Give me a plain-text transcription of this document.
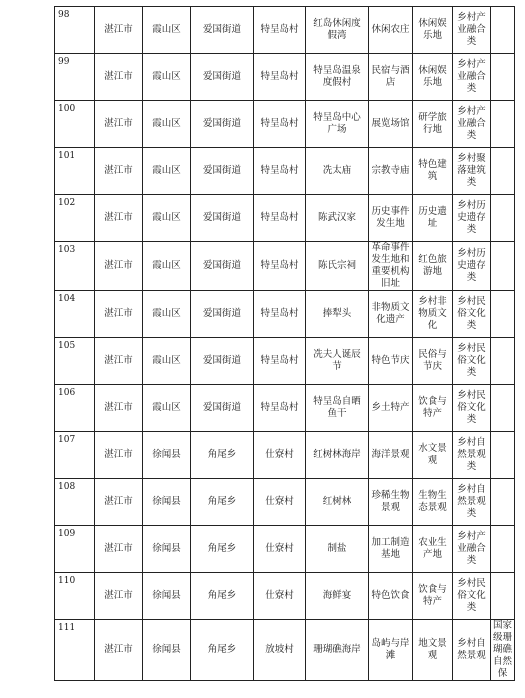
98	湛江市	霞山区	爱国街道	特呈岛村	红岛休闲度假湾	休闲农庄	休闲娱乐地	乡村产业融合类	
99	湛江市	霞山区	爱国街道	特呈岛村	特呈岛温泉度假村	民宿与酒店	休闲娱乐地	乡村产业融合类	
100	湛江市	霞山区	爱国街道	特呈岛村	特呈岛中心广场	展览场馆	研学旅行地	乡村产业融合类	
101	湛江市	霞山区	爱国街道	特呈岛村	冼太庙	宗教寺庙	特色建筑	乡村聚落建筑类	
102	湛江市	霞山区	爱国街道	特呈岛村	陈武汉家	历史事件发生地	历史遗址	乡村历史遗存类	
103	湛江市	霞山区	爱国街道	特呈岛村	陈氏宗祠	革命事件发生地和重要机构旧址	红色旅游地	乡村历史遗存类	
104	湛江市	霞山区	爱国街道	特呈岛村	捧犁头	非物质文化遗产	乡村非物质文化	乡村民俗文化类	
105	湛江市	霞山区	爱国街道	特呈岛村	冼夫人诞辰节	特色节庆	民俗与节庆	乡村民俗文化类	
106	湛江市	霞山区	爱国街道	特呈岛村	特呈岛自晒鱼干	乡土特产	饮食与特产	乡村民俗文化类	
107	湛江市	徐闻县	角尾乡	仕寮村	红树林海岸	海洋景观	水文景观	乡村自然景观类	
108	湛江市	徐闻县	角尾乡	仕寮村	红树林	珍稀生物景观	生物生态景观	乡村自然景观类	
109	湛江市	徐闻县	角尾乡	仕寮村	制盐	加工制造基地	农业生产地	乡村产业融合类	
110	湛江市	徐闻县	角尾乡	仕寮村	海鲜宴	特色饮食	饮食与特产	乡村民俗文化类	
111	湛江市	徐闻县	角尾乡	放坡村	珊瑚礁海岸	岛屿与岸滩	地文景观	乡村自然景观	国家级珊瑚礁自然保
